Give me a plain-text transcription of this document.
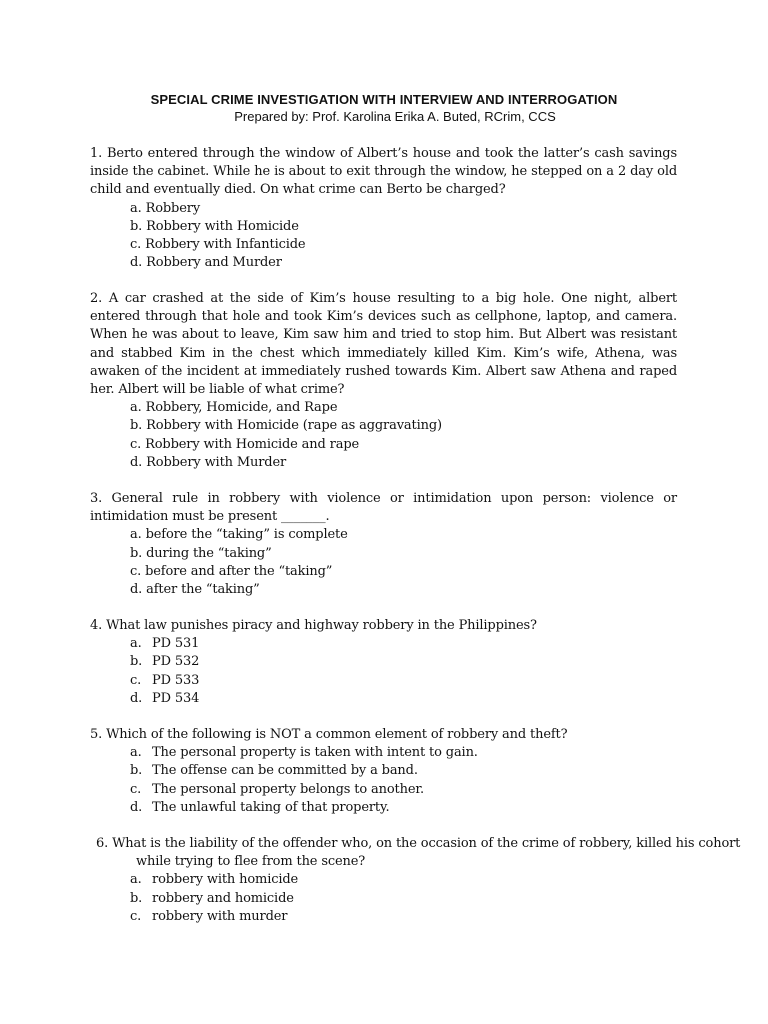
SPECIAL CRIME INVESTIGATION WITH INTERVIEW AND INTERROGATION
Prepared by: Prof. Karolina Erika A. Buted, RCrim, CCS

1. Berto entered through the window of Albert’s house and took the latter’s cash savings inside the cabinet. While he is about to exit through the window, he stepped on a 2 day old child and eventually died. On what crime can Berto be charged?

a. Robbery
b. Robbery with Homicide
c. Robbery with Infanticide
d. Robbery and Murder

2. A car crashed at the side of Kim’s house resulting to a big hole. One night, albert entered through that hole and took Kim’s devices such as cellphone, laptop, and camera. When he was about to leave, Kim saw him and tried to stop him. But Albert was resistant and stabbed Kim in the chest which immediately killed Kim. Kim’s wife, Athena, was awaken of the incident at immediately rushed towards Kim. Albert saw Athena and raped her. Albert will be liable of what crime?

a. Robbery, Homicide, and Rape
b. Robbery with Homicide (rape as aggravating)
c. Robbery with Homicide and rape
d. Robbery with Murder

3. General rule in robbery with violence or intimidation upon person: violence or intimidation must be present _______.

a. before the “taking” is complete
b. during the “taking”
c. before and after the “taking”
d. after the “taking”

4. What law punishes piracy and highway robbery in the Philippines?

a. PD 531
b. PD 532
c. PD 533
d. PD 534

5. Which of the following is NOT a common element of robbery and theft?

a. The personal property is taken with intent to gain.
b. The offense can be committed by a band.
c. The personal property belongs to another.
d. The unlawful taking of that property.

6. What is the liability of the offender who, on the occasion of the crime of robbery, killed his cohort

while trying to flee from the scene?

a. robbery with homicide
b. robbery and homicide
c. robbery with murder
